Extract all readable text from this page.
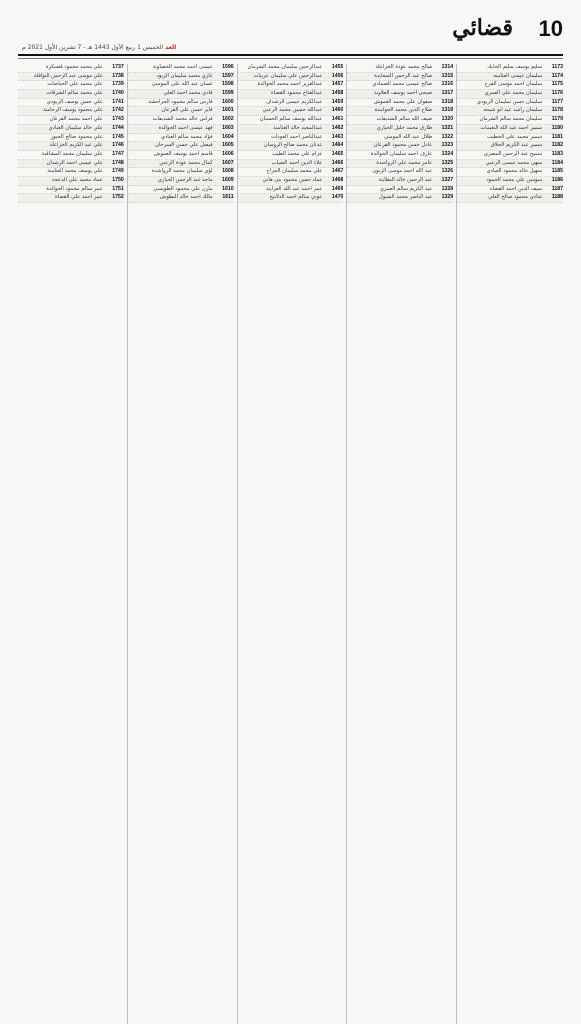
10
قضائي
الغد الخميس 1 ربيع الأول 1443 هـ - 7 تشرين الأول 2021 م
1173
سليم يوسف سليم الحايك
1174
سليمان عيسى العثامنه
1175
سليمان احمد موسى الفرخ
1176
سليمان محمد علي العمري
1177
سليمان حسن سليمان الزيودي
1178
سليمان راشد عيد ابو شيحه
1179
سليمان محمد سالم الشرمان
1180
سمير احمد عبد الله النعيمات
1181
سمير محمد علي الخطيب
1182
سمير عبد الكريم الحلاق
1183
سميح عبد الرحمن المصري
1184
سهى محمد عيسى الزعبي
1185
سهيل خالد محمود العبادي
1186
سوسن علي محمد الحمود
1187
سيف الدين احمد القضاه
1188
شادي محمود صالح العلي
1314
صالح محمد عودة الخزاعلة
1315
صالح عبد الرحمن السعايدة
1316
صالح عيسى محمد الصمادي
1317
صبحي احمد يوسف العلاونة
1318
صفوان علي محمد العموش
1319
صلاح الدين محمد الحوامدة
1320
ضيف الله سالم الشديفات
1321
طارق محمد خليل الحياري
1322
طلال عبد الله المومني
1323
عادل حسن محمود القرعان
1324
عارف احمد سليمان الخوالدة
1325
عامر محمد علي الرواشدة
1326
عبد الله احمد موسى الزبون
1327
عبد الرحمن خالد البطاينة
1328
عبد الكريم سالم العمري
1329
عبد الناصر محمد الشبول
1455
عبدالرحمن سليمان محمد الشرمان
1456
عبدالرحمن علي سليمان عربيات
1457
عبدالعزيز احمد محمد الخوالدة
1458
عبدالفتاح محمود القضاة
1459
عبدالكريم عيسى الرشدان
1460
عبدالله حسين محمد الزعبي
1461
عبدالله يوسف سالم الحسبان
1462
عبدالمجيد خالد العثامنة
1463
عبدالناصر احمد العودات
1464
عدنان محمد صالح الروسان
1465
عزام علي محمد الطيب
1466
علاء الدين احمد الشياب
1467
علي محمد سليمان الجراح
1468
عماد حسن محمود بني هاني
1469
عمر احمد عبد الله الغرايبة
1470
عوني سالم احمد الدلابيح
1596
عيسى احمد محمد الخصاونة
1597
غازي محمد سليمان الزيود
1598
غسان عبد الله علي المومني
1599
فادي محمد احمد العلي
1600
فارس سالم محمود الحراحشة
1601
فايز حسن علي القرعان
1602
فراس خالد محمد الشديفات
1603
فهد عيسى احمد الخوالدة
1604
فؤاد محمد سالم العبادي
1605
فيصل علي حسن السرحان
1606
قاسم احمد يوسف العموش
1607
كمال محمد عودة الزعبي
1608
لؤي سليمان محمد الرواشدة
1609
ماجد عبد الرحمن الحياري
1610
مازن علي محمود الطويسي
1611
مالك احمد خالد البطوش
1737
علي محمد محمود قصبكرة
1738
علي موسى عبد الرحمن النوافلة
1739
علي محمد علي الحياصات
1740
علي محمد سالم الشرفات
1741
علي حسن يوسف الزيودي
1742
علي محمود يوسف الرحامنة
1743
علي احمد محمد القرعان
1744
علي خالد سليمان العبادي
1745
علي محمود صالح الجبور
1746
علي عبد الكريم الخزاعلة
1747
علي سليمان محمد المشاقبة
1748
علي عيسى احمد الرشدان
1749
علي يوسف محمد العثامنة
1750
عماد محمد علي الدعجة
1751
عمر سالم محمود الخوالدة
1752
عمر احمد علي القضاة
